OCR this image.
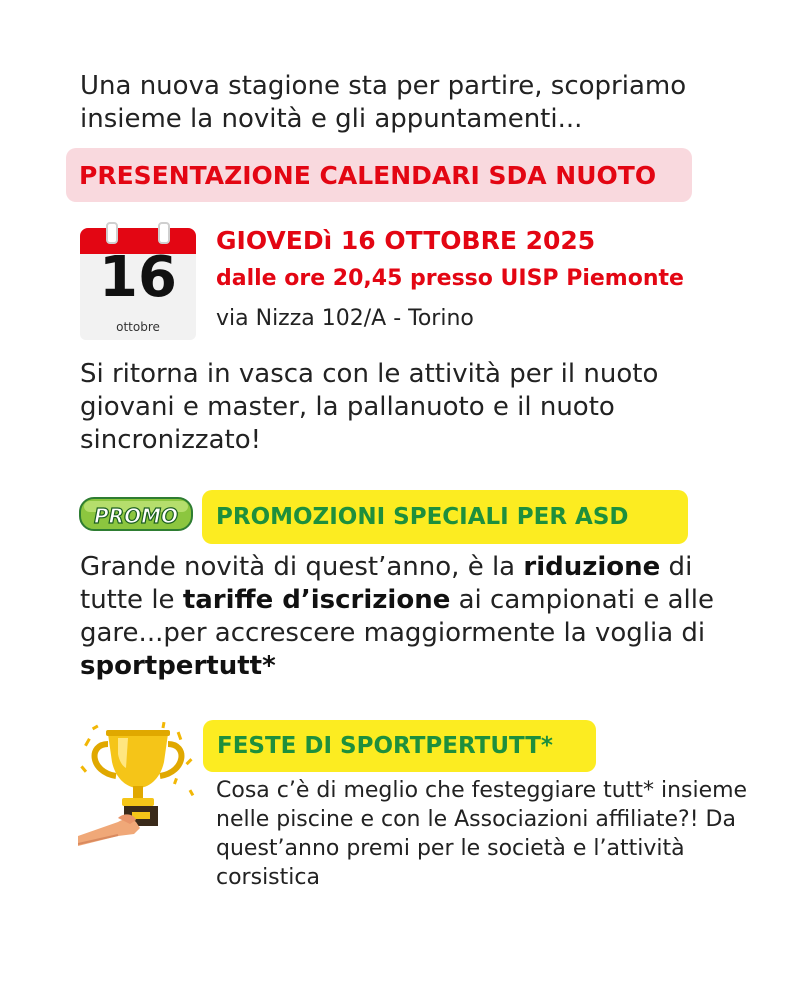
Una nuova stagione sta per partire, scopriamo
insieme la novità e gli appuntamenti...
PRESENTAZIONE CALENDARI SDA NUOTO
16
ottobre
GIOVEDì 16 OTTOBRE 2025
dalle ore 20,45 presso UISP Piemonte
via Nizza 102/A - Torino
Si ritorna in vasca con le attività per il nuoto giovani e master, la pallanuoto e il nuoto sincronizzato!
PROMO	PROMOZIONI SPECIALI PER ASD
Grande novità di quest’anno, è la riduzione di tutte le tariffe d’iscrizione ai campionati e alle gare...per accrescere maggiormente la voglia di sportpertutt*
FESTE DI SPORTPERTUTT*
Cosa c’è di meglio che festeggiare tutt* insieme nelle piscine e con le Associazioni affiliate?! Da quest’anno premi per le società e l’attività corsistica
